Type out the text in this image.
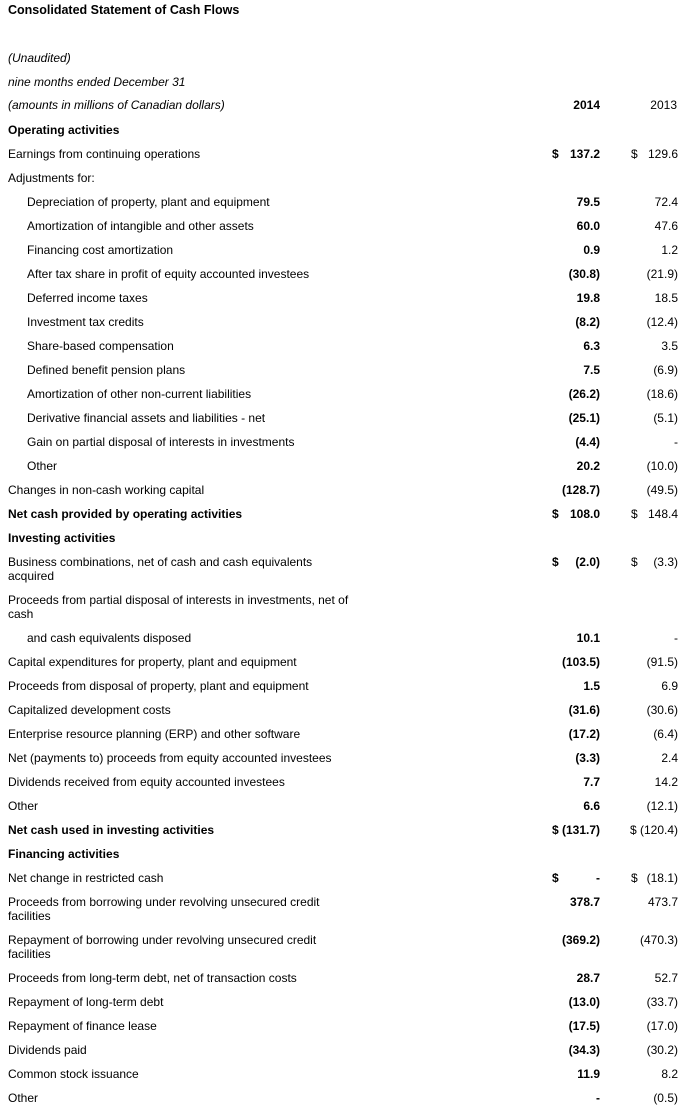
Consolidated Statement of Cash Flows
(Unaudited)
nine months ended December 31
(amounts in millions of Canadian dollars)	2014	2013
Operating activities
Earnings from continuing operations	$ 137.2	$ 129.6
Adjustments for:
Depreciation of property, plant and equipment	79.5	72.4
Amortization of intangible and other assets	60.0	47.6
Financing cost amortization	0.9	1.2
After tax share in profit of equity accounted investees	(30.8)	(21.9)
Deferred income taxes	19.8	18.5
Investment tax credits	(8.2)	(12.4)
Share-based compensation	6.3	3.5
Defined benefit pension plans	7.5	(6.9)
Amortization of other non-current liabilities	(26.2)	(18.6)
Derivative financial assets and liabilities - net	(25.1)	(5.1)
Gain on partial disposal of interests in investments	(4.4)	-
Other	20.2	(10.0)
Changes in non-cash working capital	(128.7)	(49.5)
Net cash provided by operating activities	$ 108.0	$ 148.4
Investing activities
Business combinations, net of cash and cash equivalents acquired
$	(2.0)	$	(3.3)
Proceeds from partial disposal of interests in investments, net of cash
and cash equivalents disposed	10.1	-
Capital expenditures for property, plant and equipment	(103.5)	(91.5)
Proceeds from disposal of property, plant and equipment	1.5	6.9
Capitalized development costs	(31.6)	(30.6)
Enterprise resource planning (ERP) and other software	(17.2)	(6.4)
Net (payments to) proceeds from equity accounted investees	(3.3)	2.4
Dividends received from equity accounted investees	7.7	14.2
Other	6.6	(12.1)
Net cash used in investing activities	$ (131.7)	$ (120.4)
Financing activities
Net change in restricted cash	$	-	$ (18.1)
Proceeds from borrowing under revolving unsecured credit facilities
378.7	473.7
Repayment of borrowing under revolving unsecured credit facilities
(369.2)	(470.3)
Proceeds from long-term debt, net of transaction costs	28.7	52.7
Repayment of long-term debt	(13.0)	(33.7)
Repayment of finance lease	(17.5)	(17.0)
Dividends paid	(34.3)	(30.2)
Common stock issuance	11.9	8.2
Other	-	(0.5)
